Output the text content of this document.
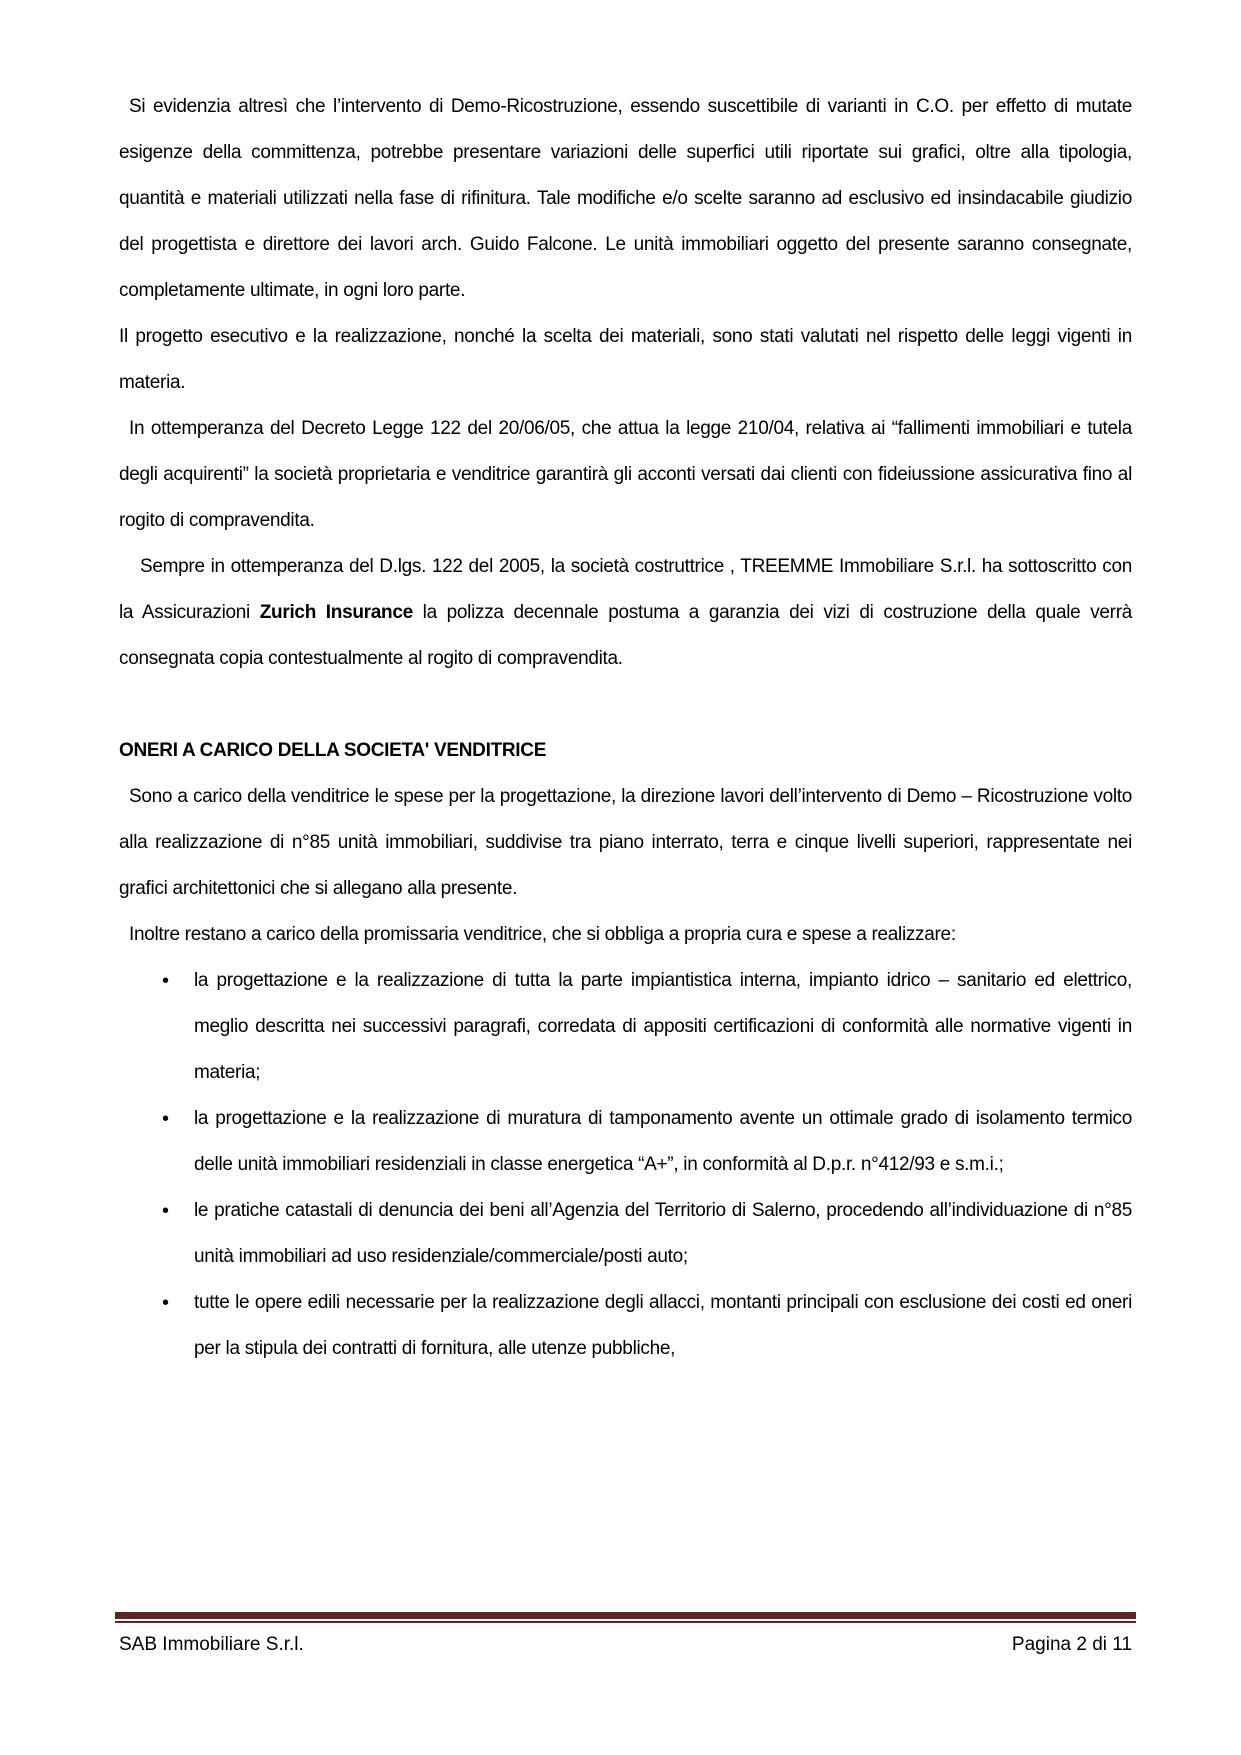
Si evidenzia altresì che l’intervento di Demo-Ricostruzione, essendo suscettibile di varianti in C.O. per effetto di mutate esigenze della committenza, potrebbe presentare variazioni delle superfici utili riportate sui grafici, oltre alla tipologia, quantità e materiali utilizzati nella fase di rifinitura. Tale modifiche e/o scelte saranno ad esclusivo ed insindacabile giudizio del progettista e direttore dei lavori arch. Guido Falcone. Le unità immobiliari oggetto del presente saranno consegnate, completamente ultimate, in ogni loro parte.

Il progetto esecutivo e la realizzazione, nonché la scelta dei materiali, sono stati valutati nel rispetto delle leggi vigenti in materia.

In ottemperanza del Decreto Legge 122 del 20/06/05, che attua la legge 210/04, relativa ai “fallimenti immobiliari e tutela degli acquirenti” la società proprietaria e venditrice garantirà gli acconti versati dai clienti con fideiussione assicurativa fino al rogito di compravendita.

Sempre in ottemperanza del D.lgs. 122 del 2005, la società costruttrice , TREEMME Immobiliare S.r.l. ha sottoscritto con la Assicurazioni Zurich Insurance la polizza decennale postuma a garanzia dei vizi di costruzione della quale verrà consegnata copia contestualmente al rogito di compravendita.

ONERI A CARICO DELLA SOCIETA' VENDITRICE

Sono a carico della venditrice le spese per la progettazione, la direzione lavori dell’intervento di Demo – Ricostruzione volto alla realizzazione di n°85 unità immobiliari, suddivise tra piano interrato, terra e cinque livelli superiori, rappresentate nei grafici architettonici che si allegano alla presente.

Inoltre restano a carico della promissaria venditrice, che si obbliga a propria cura e spese a realizzare:

• la progettazione e la realizzazione di tutta la parte impiantistica interna, impianto idrico – sanitario ed elettrico, meglio descritta nei successivi paragrafi, corredata di appositi certificazioni di conformità alle normative vigenti in materia;
• la progettazione e la realizzazione di muratura di tamponamento avente un ottimale grado di isolamento termico delle unità immobiliari residenziali in classe energetica “A+”, in conformità al D.p.r. n°412/93 e s.m.i.;
• le pratiche catastali di denuncia dei beni all’Agenzia del Territorio di Salerno, procedendo all’individuazione di n°85 unità immobiliari ad uso residenziale/commerciale/posti auto;
• tutte le opere edili necessarie per la realizzazione degli allacci, montanti principali con esclusione dei costi ed oneri per la stipula dei contratti di fornitura, alle utenze pubbliche,
SAB Immobiliare S.r.l.	Pagina 2 di 11
